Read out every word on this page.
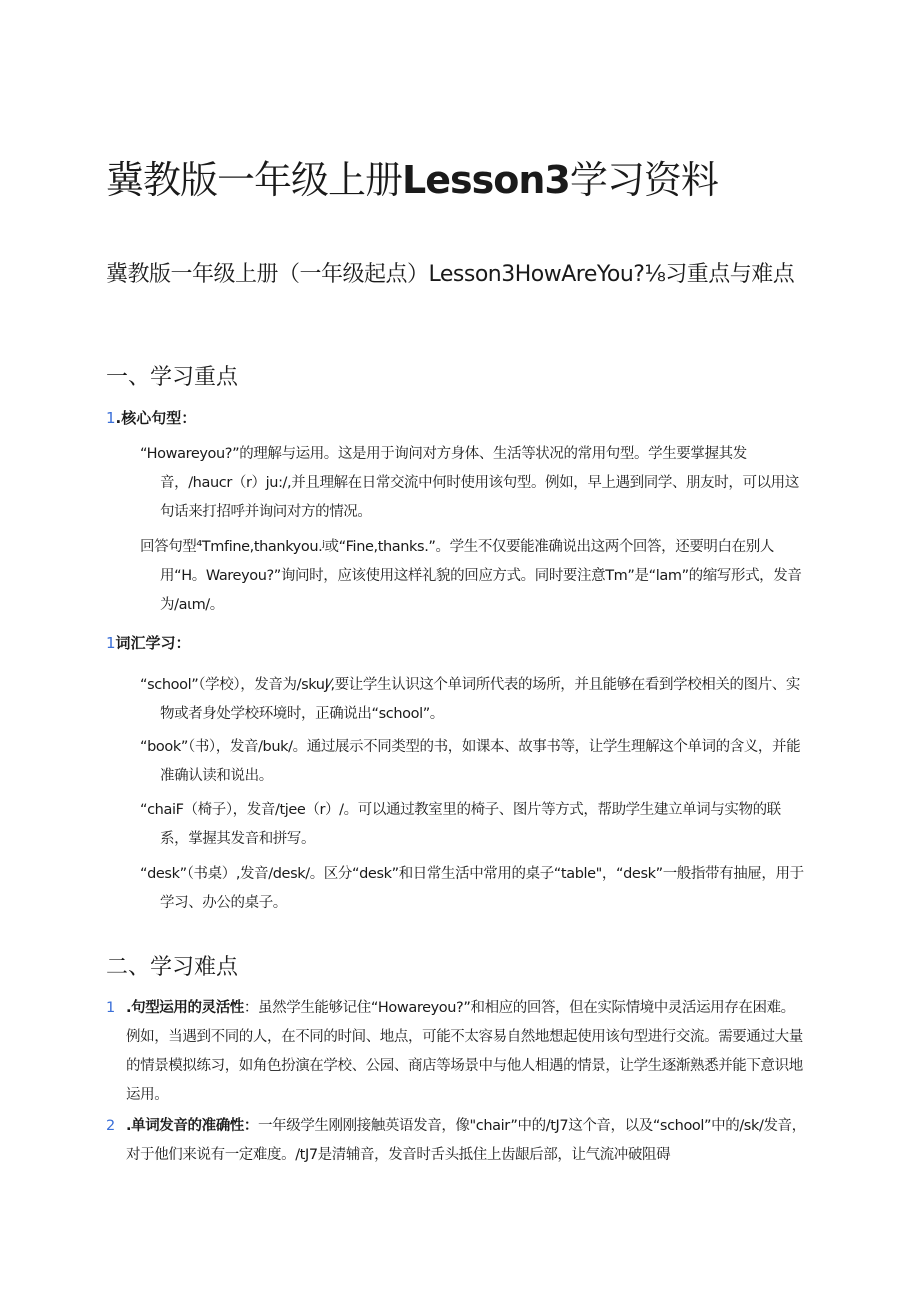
冀教版一年级上册Lesson3学习资料
冀教版一年级上册（一年级起点）Lesson3HowAreYou?⅛习重点与难点
一、学习重点
1.核心句型：

“Howareyou?”的理解与运用。这是用于询问对方身体、生活等状况的常用句型。学生要掌握其发音，/haucr（r）ju:/,并且理解在日常交流中何时使用该句型。例如，早上遇到同学、朋友时，可以用这句话来打招呼并询问对方的情况。

回答句型⁴Tmfine,thankyou.ʲ或“Fine,thanks.”。学生不仅要能准确说出这两个回答，还要明白在别人用“H。Wareyou?”询问时，应该使用这样礼貌的回应方式。同时要注意Tm”是“lam”的缩写形式，发音为∕aιm∕。

1词汇学习：

“school”（学校），发音为∕skuJ⁄,要让学生认识这个单词所代表的场所，并且能够在看到学校相关的图片、实物或者身处学校环境时，正确说出“school”。

“book”（书），发音/buk/。通过展示不同类型的书，如课本、故事书等，让学生理解这个单词的含义，并能准确认读和说出。

“chaiF（椅子），发音/tjee（r）/。可以通过教室里的椅子、图片等方式，帮助学生建立单词与实物的联系，掌握其发音和拼写。

“desk”（书桌）,发音/desk/。区分“desk”和日常生活中常用的桌子“table"，“desk”一般指带有抽屉，用于学习、办公的桌子。

二、学习难点
1 .句型运用的灵活性：虽然学生能够记住“Howareyou?”和相应的回答，但在实际情境中灵活运用存在困难。例如，当遇到不同的人，在不同的时间、地点，可能不太容易自然地想起使用该句型进行交流。需要通过大量的情景模拟练习，如角色扮演在学校、公园、商店等场景中与他人相遇的情景，让学生逐渐熟悉并能下意识地运用。
2 .单词发音的准确性：一年级学生刚刚接触英语发音，像"chair”中的∕tJ7这个音，以及“school”中的∕sk∕发音，对于他们来说有一定难度。∕tJ7是清辅音，发音时舌头抵住上齿龈后部，让气流冲破阻碍
